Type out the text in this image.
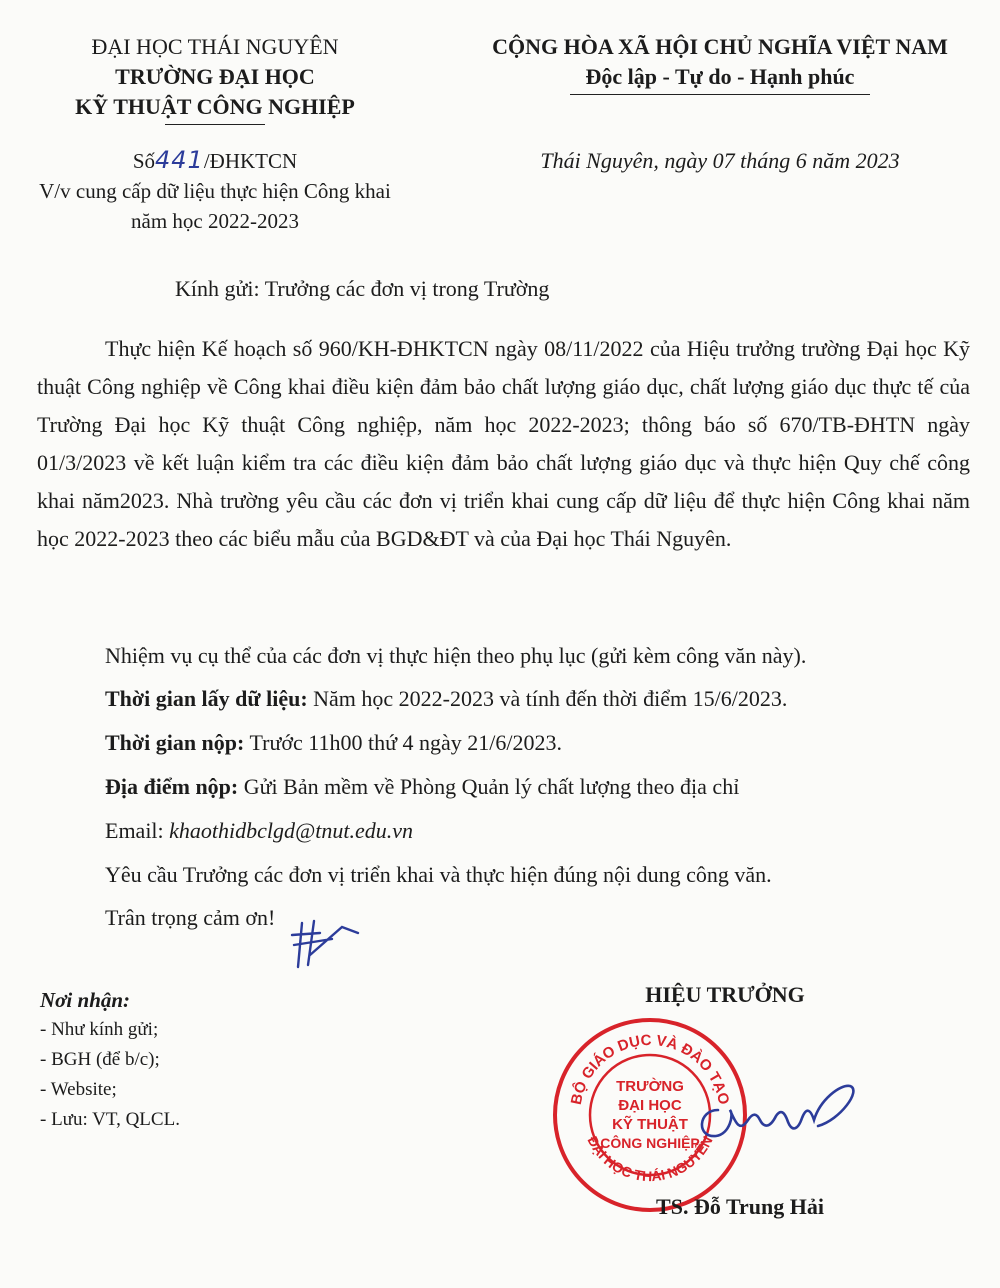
ĐẠI HỌC THÁI NGUYÊN
TRƯỜNG ĐẠI HỌC
KỸ THUẬT CÔNG NGHIỆP
CỘNG HÒA XÃ HỘI CHỦ NGHĨA VIỆT NAM
Độc lập - Tự do - Hạnh phúc
Số441/ĐHKTCN
V/v cung cấp dữ liệu thực hiện Công khai
năm học 2022-2023
Thái Nguyên, ngày 07 tháng 6 năm 2023
Kính gửi: Trưởng các đơn vị trong Trường
Thực hiện Kế hoạch số 960/KH-ĐHKTCN ngày 08/11/2022 của Hiệu trưởng trường Đại học Kỹ thuật Công nghiệp về Công khai điều kiện đảm bảo chất lượng giáo dục, chất lượng giáo dục thực tế của Trường Đại học Kỹ thuật Công nghiệp, năm học 2022-2023; thông báo số 670/TB-ĐHTN ngày 01/3/2023 về kết luận kiểm tra các điều kiện đảm bảo chất lượng giáo dục và thực hiện Quy chế công khai năm2023. Nhà trường yêu cầu các đơn vị triển khai cung cấp dữ liệu để thực hiện Công khai năm học 2022-2023 theo các biểu mẫu của BGD&ĐT và của Đại học Thái Nguyên.
Nhiệm vụ cụ thể của các đơn vị thực hiện theo phụ lục (gửi kèm công văn này).
Thời gian lấy dữ liệu: Năm học 2022-2023 và tính đến thời điểm 15/6/2023.
Thời gian nộp: Trước 11h00 thứ 4 ngày 21/6/2023.
Địa điểm nộp: Gửi Bản mềm về Phòng Quản lý chất lượng theo địa chỉ
Email: khaothidbclgd@tnut.edu.vn
Yêu cầu Trưởng các đơn vị triển khai và thực hiện đúng nội dung công văn.
Trân trọng cảm ơn!
Nơi nhận:
- Như kính gửi;
- BGH (để b/c);
- Website;
- Lưu: VT, QLCL.
HIỆU TRƯỞNG
BỘ GIÁO DỤC VÀ ĐÀO TẠO
ĐẠI HỌC THÁI NGUYÊN
TRƯỜNG
ĐẠI HỌC
KỸ THUẬT
CÔNG NGHIỆP
TS. Đỗ Trung Hải
